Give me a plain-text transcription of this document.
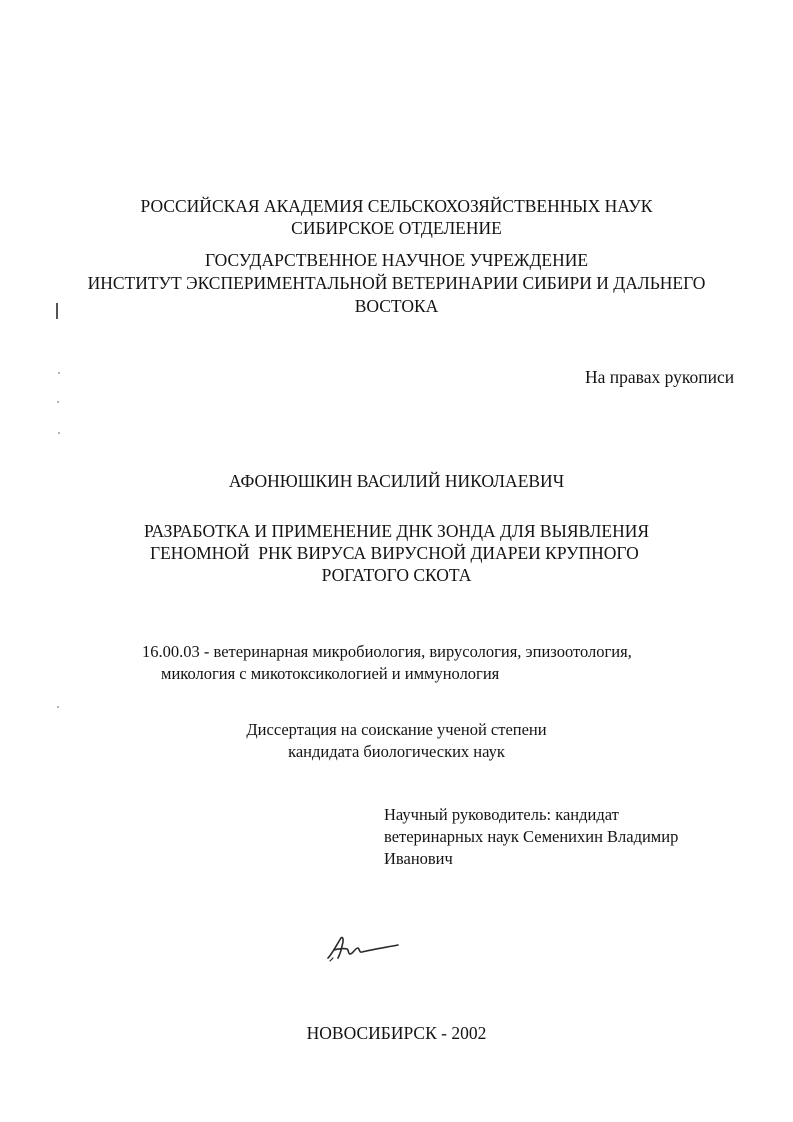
РОССИЙСКАЯ АКАДЕМИЯ СЕЛЬСКОХОЗЯЙСТВЕННЫХ НАУК
СИБИРСКОЕ ОТДЕЛЕНИЕ
ГОСУДАРСТВЕННОЕ НАУЧНОЕ УЧРЕЖДЕНИЕ
ИНСТИТУТ ЭКСПЕРИМЕНТАЛЬНОЙ ВЕТЕРИНАРИИ СИБИРИ И ДАЛЬНЕГО
ВОСТОКА
На правах рукописи
АФОНЮШКИН ВАСИЛИЙ НИКОЛАЕВИЧ
РАЗРАБОТКА И ПРИМЕНЕНИЕ ДНК ЗОНДА ДЛЯ ВЫЯВЛЕНИЯ
ГЕНОМНОЙ  РНК ВИРУСА ВИРУСНОЙ ДИАРЕИ КРУПНОГО
РОГАТОГО СКОТА
16.00.03 - ветеринарная микробиология, вирусология, эпизоотология,
микология с микотоксикологией и иммунология
Диссертация на соискание ученой степени
кандидата биологических наук
Научный руководитель: кандидат
ветеринарных наук Семенихин Владимир
Иванович
НОВОСИБИРСК - 2002
